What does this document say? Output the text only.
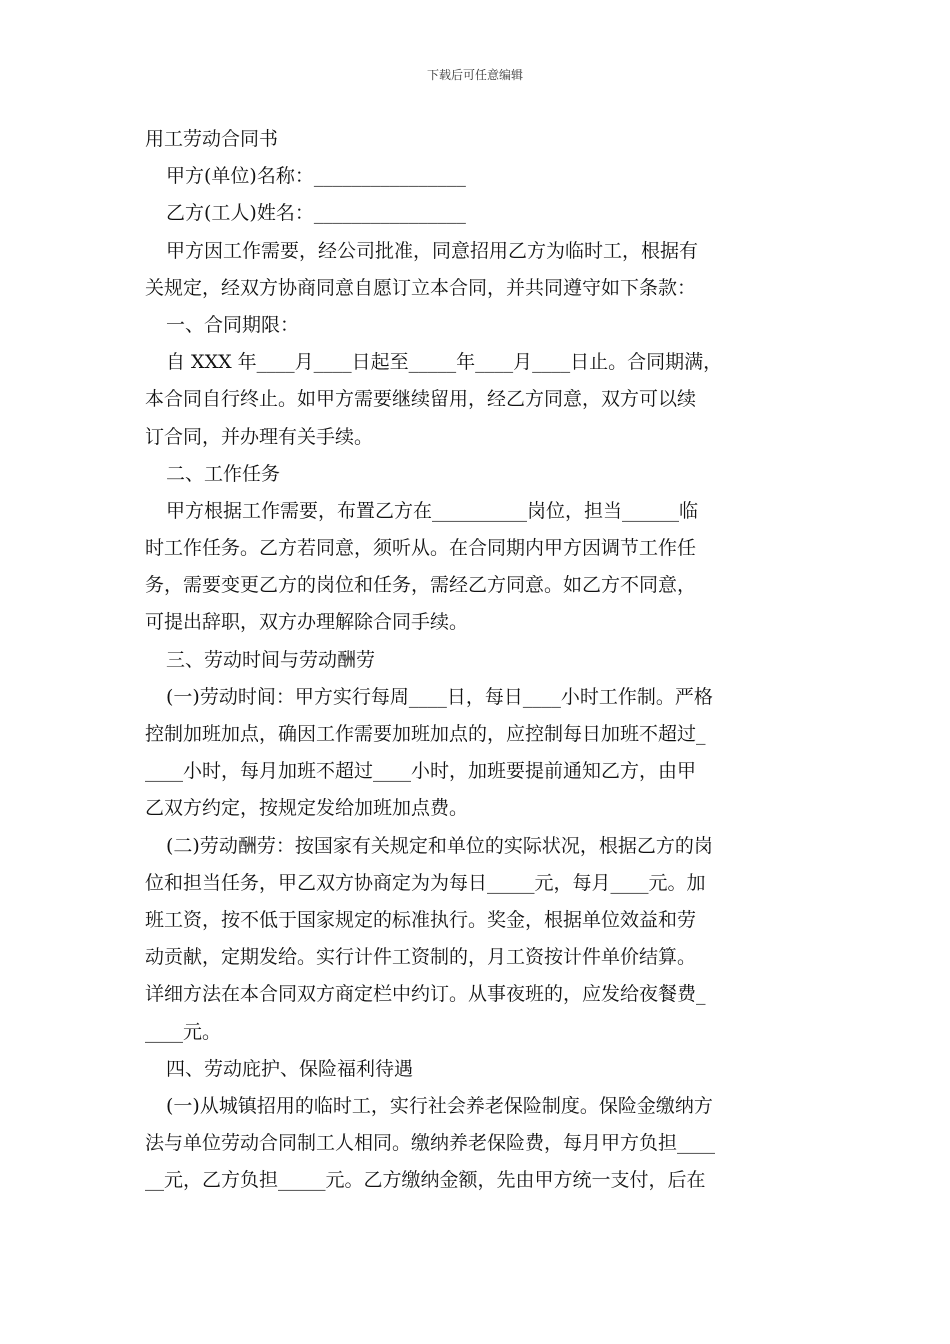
下载后可任意编辑
用工劳动合同书
甲方(单位)名称：________________
乙方(工人)姓名：________________
甲方因工作需要，经公司批准，同意招用乙方为临时工，根据有
关规定，经双方协商同意自愿订立本合同，并共同遵守如下条款：
一、合同期限：
自 XXX 年____月____日起至_____年____月____日止。合同期满，
本合同自行终止。如甲方需要继续留用，经乙方同意，双方可以续
订合同，并办理有关手续。
二、工作任务
甲方根据工作需要，布置乙方在__________岗位，担当______临
时工作任务。乙方若同意，须听从。在合同期内甲方因调节工作任
务，需要变更乙方的岗位和任务，需经乙方同意。如乙方不同意，
可提出辞职，双方办理解除合同手续。
三、劳动时间与劳动酬劳
(一)劳动时间：甲方实行每周____日，每日____小时工作制。严格
控制加班加点，确因工作需要加班加点的，应控制每日加班不超过_
____小时，每月加班不超过____小时，加班要提前通知乙方，由甲
乙双方约定，按规定发给加班加点费。
(二)劳动酬劳：按国家有关规定和单位的实际状况，根据乙方的岗
位和担当任务，甲乙双方协商定为为每日_____元，每月____元。加
班工资，按不低于国家规定的标准执行。奖金，根据单位效益和劳
动贡献，定期发给。实行计件工资制的，月工资按计件单价结算。
详细方法在本合同双方商定栏中约订。从事夜班的，应发给夜餐费_
____元。
四、劳动庇护、保险福利待遇
(一)从城镇招用的临时工，实行社会养老保险制度。保险金缴纳方
法与单位劳动合同制工人相同。缴纳养老保险费，每月甲方负担____
__元，乙方负担_____元。乙方缴纳金额，先由甲方统一支付，后在
